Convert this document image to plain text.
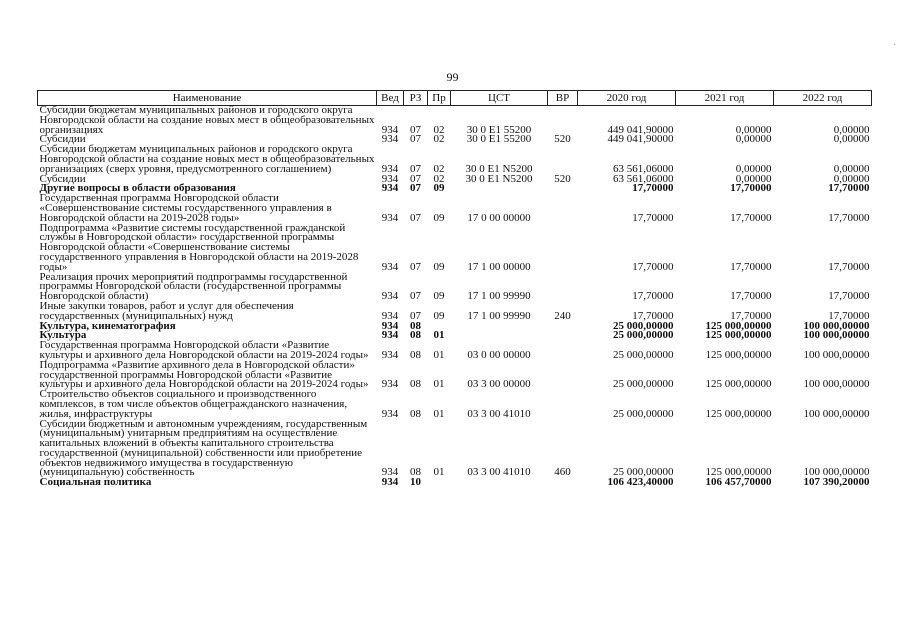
99
Наименование	Вед	РЗ	Пр	ЦСТ	ВР	2020 год	2021 год	2022 год
Субсидии бюджетам муниципальных районов и городского округа Новгородской области на создание новых мест в общеобразовательных организациях	934	07	02	30 0 E1 55200		449 041,90000	0,00000	0,00000
Субсидии	934	07	02	30 0 E1 55200	520	449 041,90000	0,00000	0,00000
Субсидии бюджетам муниципальных районов и городского округа Новгородской области на создание новых мест в общеобразовательных организациях (сверх уровня, предусмотренного соглашением)	934	07	02	30 0 E1 N5200		63 561,06000	0,00000	0,00000
Субсидии	934	07	02	30 0 E1 N5200	520	63 561,06000	0,00000	0,00000
Другие вопросы в области образования	934	07	09			17,70000	17,70000	17,70000
Государственная программа Новгородской области «Совершенствование системы государственного управления в Новгородской области на 2019-2028 годы»	934	07	09	17 0 00 00000		17,70000	17,70000	17,70000
Подпрограмма «Развитие системы государственной гражданской службы в Новгородской области» государственной программы Новгородской области «Совершенствование системы государственного управления в Новгородской области на 2019-2028 годы»	934	07	09	17 1 00 00000		17,70000	17,70000	17,70000
Реализация прочих мероприятий подпрограммы государственной программы Новгородской области (государственной программы Новгородской области)	934	07	09	17 1 00 99990		17,70000	17,70000	17,70000
Иные закупки товаров, работ и услуг для обеспечения государственных (муниципальных) нужд	934	07	09	17 1 00 99990	240	17,70000	17,70000	17,70000
Культура, кинематография	934	08				25 000,00000	125 000,00000	100 000,00000
Культура	934	08	01			25 000,00000	125 000,00000	100 000,00000
Государственная программа Новгородской области «Развитие культуры и архивного дела Новгородской области на 2019-2024 годы»	934	08	01	03 0 00 00000		25 000,00000	125 000,00000	100 000,00000
Подпрограмма «Развитие архивного дела в Новгородской области» государственной программы Новгородской области «Развитие культуры и архивного дела Новгородской области на 2019-2024 годы»	934	08	01	03 3 00 00000		25 000,00000	125 000,00000	100 000,00000
Строительство объектов социального и производственного комплексов, в том числе объектов общегражданского назначения, жилья, инфраструктуры	934	08	01	03 3 00 41010		25 000,00000	125 000,00000	100 000,00000
Субсидии бюджетным и автономным учреждениям, государственным (муниципальным) унитарным предприятиям на осуществление капитальных вложений в объекты капитального строительства государственной (муниципальной) собственности или приобретение объектов недвижимого имущества в государственную (муниципальную) собственность	934	08	01	03 3 00 41010	460	25 000,00000	125 000,00000	100 000,00000
Социальная политика	934	10				106 423,40000	106 457,70000	107 390,20000
·
